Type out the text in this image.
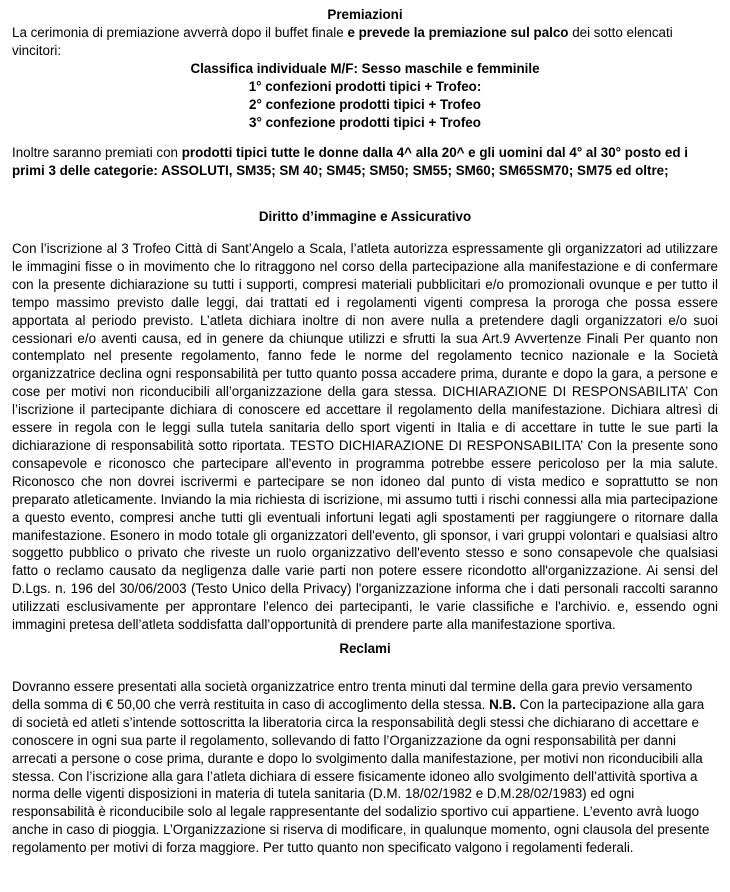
Premiazioni

La cerimonia di premiazione avverrà dopo il buffet finale e prevede la premiazione sul palco dei sotto elencati vincitori:

Classifica individuale M/F: Sesso maschile e femminile
1° confezioni prodotti tipici + Trofeo:
2° confezione prodotti tipici + Trofeo
3° confezione prodotti tipici + Trofeo

Inoltre saranno premiati con prodotti tipici tutte le donne dalla 4^ alla 20^ e gli uomini dal 4° al 30° posto ed i primi 3 delle categorie: ASSOLUTI, SM35; SM 40; SM45; SM50; SM55; SM60; SM65SM70; SM75 ed oltre;

Diritto d’immagine e Assicurativo

Con l’iscrizione al 3 Trofeo Città di Sant’Angelo a Scala, l’atleta autorizza espressamente gli organizzatori ad utilizzare le immagini fisse o in movimento che lo ritraggono nel corso della partecipazione alla manifestazione e di confermare con la presente dichiarazione su tutti i supporti, compresi materiali pubblicitari e/o promozionali ovunque e per tutto il tempo massimo previsto dalle leggi, dai trattati ed i regolamenti vigenti compresa la proroga che possa essere apportata al periodo previsto. L’atleta dichiara inoltre di non avere nulla a pretendere dagli organizzatori e/o suoi cessionari e/o aventi causa, ed in genere da chiunque utilizzi e sfrutti la sua Art.9 Avvertenze Finali Per quanto non contemplato nel presente regolamento, fanno fede le norme del regolamento tecnico nazionale e la Società organizzatrice declina ogni responsabilità per tutto quanto possa accadere prima, durante e dopo la gara, a persone e cose per motivi non riconducibili all’organizzazione della gara stessa. DICHIARAZIONE DI RESPONSABILITA’ Con l’iscrizione il partecipante dichiara di conoscere ed accettare il regolamento della manifestazione. Dichiara altresì di essere in regola con le leggi sulla tutela sanitaria dello sport vigenti in Italia e di accettare in tutte le sue parti la dichiarazione di responsabilità sotto riportata. TESTO DICHIARAZIONE DI RESPONSABILITA’ Con la presente sono consapevole e riconosco che partecipare all'evento in programma potrebbe essere pericoloso per la mia salute. Riconosco che non dovrei iscrivermi e partecipare se non idoneo dal punto di vista medico e soprattutto se non preparato atleticamente. Inviando la mia richiesta di iscrizione, mi assumo tutti i rischi connessi alla mia partecipazione a questo evento, compresi anche tutti gli eventuali infortuni legati agli spostamenti per raggiungere o ritornare dalla manifestazione. Esonero in modo totale gli organizzatori dell'evento, gli sponsor, i vari gruppi volontari e qualsiasi altro soggetto pubblico o privato che riveste un ruolo organizzativo dell'evento stesso e sono consapevole che qualsiasi fatto o reclamo causato da negligenza dalle varie parti non potere essere ricondotto all'organizzazione. Ai sensi del D.Lgs. n. 196 del 30/06/2003 (Testo Unico della Privacy) l'organizzazione informa che i dati personali raccolti saranno utilizzati esclusivamente per approntare l'elenco dei partecipanti, le varie classifiche e l'archivio. e, essendo ogni immagini pretesa dell’atleta soddisfatta dall’opportunità di prendere parte alla manifestazione sportiva.

Reclami

Dovranno essere presentati alla società organizzatrice entro trenta minuti dal termine della gara previo versamento della somma di € 50,00 che verrà restituita in caso di accoglimento della stessa. N.B. Con la partecipazione alla gara di società ed atleti s’intende sottoscritta la liberatoria circa la responsabilità degli stessi che dichiarano di accettare e conoscere in ogni sua parte il regolamento, sollevando di fatto l’Organizzazione da ogni responsabilità per danni arrecati a persone o cose prima, durante e dopo lo svolgimento dalla manifestazione, per motivi non riconducibili alla stessa. Con l’iscrizione alla gara l’atleta dichiara di essere fisicamente idoneo allo svolgimento dell’attività sportiva a norma delle vigenti disposizioni in materia di tutela sanitaria (D.M. 18/02/1982 e D.M.28/02/1983) ed ogni responsabilità è riconducibile solo al legale rappresentante del sodalizio sportivo cui appartiene. L’evento avrà luogo anche in caso di pioggia. L’Organizzazione si riserva di modificare, in qualunque momento, ogni clausola del presente regolamento per motivi di forza maggiore. Per tutto quanto non specificato valgono i regolamenti federali.
